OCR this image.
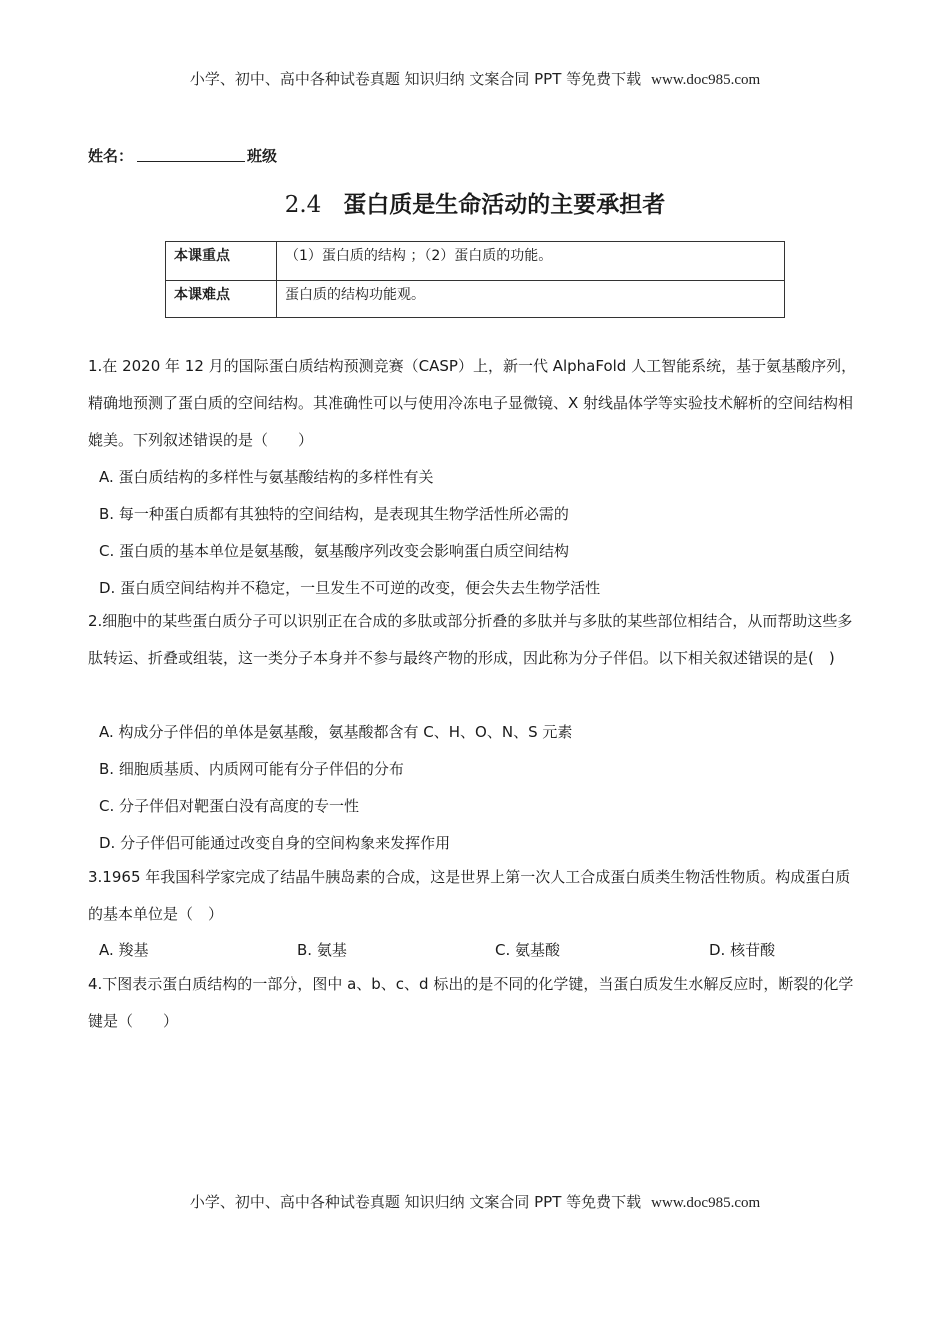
小学、初中、高中各种试卷真题 知识归纳 文案合同 PPT 等免费下载 www.doc985.com
姓名：	班级
2.4 蛋白质是生命活动的主要承担者
本课重点	（1）蛋白质的结构 ；（2）蛋白质的功能。
本课难点	蛋白质的结构功能观。
1.在 2020 年 12 月的国际蛋白质结构预测竞赛（CASP）上，新一代 AlphaFold 人工智能系统，基于氨基酸序列，精确地预测了蛋白质的空间结构。其准确性可以与使用冷冻电子显微镜、X 射线晶体学等实验技术解析的空间结构相媲美。下列叙述错误的是（　　）
A. 蛋白质结构的多样性与氨基酸结构的多样性有关
B. 每一种蛋白质都有其独特的空间结构，是表现其生物学活性所必需的
C. 蛋白质的基本单位是氨基酸，氨基酸序列改变会影响蛋白质空间结构
D. 蛋白质空间结构并不稳定，一旦发生不可逆的改变，便会失去生物学活性
2.细胞中的某些蛋白质分子可以识别正在合成的多肽或部分折叠的多肽并与多肽的某些部位相结合，从而帮助这些多肽转运、折叠或组装，这一类分子本身并不参与最终产物的形成，因此称为分子伴侣。以下相关叙述错误的是(　)
A. 构成分子伴侣的单体是氨基酸，氨基酸都含有 C、H、O、N、S 元素
B. 细胞质基质、内质网可能有分子伴侣的分布
C. 分子伴侣对靶蛋白没有高度的专一性
D. 分子伴侣可能通过改变自身的空间构象来发挥作用
3.1965 年我国科学家完成了结晶牛胰岛素的合成，这是世界上第一次人工合成蛋白质类生物活性物质。构成蛋白质的基本单位是（　）
A. 羧基	B. 氨基	C. 氨基酸	D. 核苷酸
4.下图表示蛋白质结构的一部分，图中 a、b、c、d 标出的是不同的化学键，当蛋白质发生水解反应时，断裂的化学键是（　　）
小学、初中、高中各种试卷真题 知识归纳 文案合同 PPT 等免费下载 www.doc985.com
